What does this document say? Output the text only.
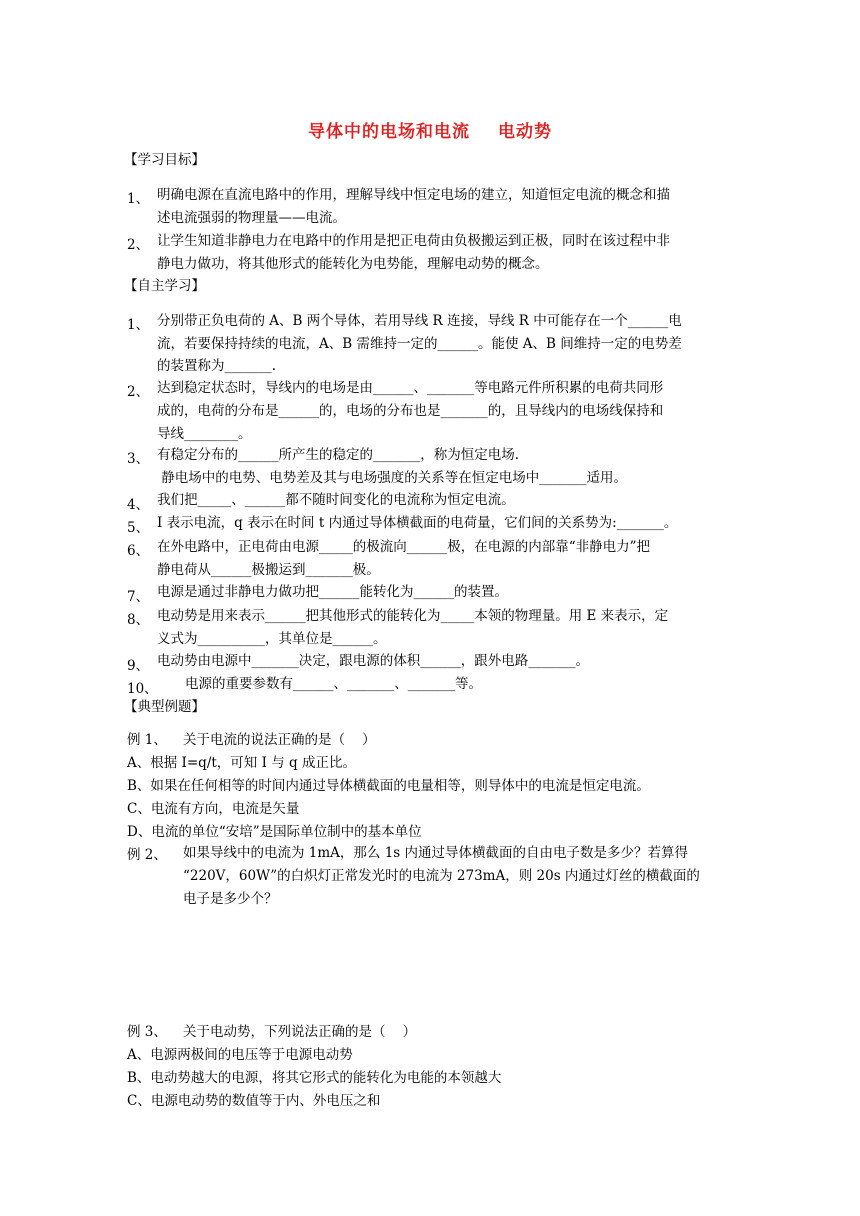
导体中的电场和电流 电动势
【学习目标】
1、 明确电源在直流电路中的作用，理解导线中恒定电场的建立，知道恒定电流的概念和描
述电流强弱的物理量——电流。
2、 让学生知道非静电力在电路中的作用是把正电荷由负极搬运到正极，同时在该过程中非
静电力做功，将其他形式的能转化为电势能，理解电动势的概念。
【自主学习】
1、 分别带正负电荷的 A、B 两个导体，若用导线 R 连接，导线 R 中可能存在一个______电
流，若要保持持续的电流，A、B 需维持一定的______。能使 A、B 间维持一定的电势差
的装置称为_______.
2、 达到稳定状态时，导线内的电场是由______、_______等电路元件所积累的电荷共同形
成的，电荷的分布是______的，电场的分布也是_______的，且导线内的电场线保持和
导线________。
3、 有稳定分布的______所产生的稳定的_______，称为恒定电场.
静电场中的电势、电势差及其与电场强度的关系等在恒定电场中_______适用。
4、 我们把_____、______都不随时间变化的电流称为恒定电流。
5、 I 表示电流，q 表示在时间 t 内通过导体横截面的电荷量，它们间的关系势为:_______。
6、 在外电路中，正电荷由电源_____的极流向______极，在电源的内部靠“非静电力”把
静电荷从______极搬运到_______极。
7、 电源是通过非静电力做功把______能转化为______的装置。
8、 电动势是用来表示______把其他形式的能转化为_____本领的物理量。用 E 来表示，定
义式为__________，其单位是______。
9、 电动势由电源中_______决定，跟电源的体积______，跟外电路_______。
10、 电源的重要参数有______、_______、_______等。
【典型例题】
例 1、 关于电流的说法正确的是（    ）
A、根据 I=q/t，可知 I 与 q 成正比。
B、如果在任何相等的时间内通过导体横截面的电量相等，则导体中的电流是恒定电流。
C、电流有方向，电流是矢量
D、电流的单位“安培”是国际单位制中的基本单位
例 2、 如果导线中的电流为 1mA，那么 1s 内通过导体横截面的自由电子数是多少？若算得
“220V，60W”的白炽灯正常发光时的电流为 273mA，则 20s 内通过灯丝的横截面的
电子是多少个？
例 3、 关于电动势，下列说法正确的是（    ）
A、电源两极间的电压等于电源电动势
B、电动势越大的电源，将其它形式的能转化为电能的本领越大
C、电源电动势的数值等于内、外电压之和
